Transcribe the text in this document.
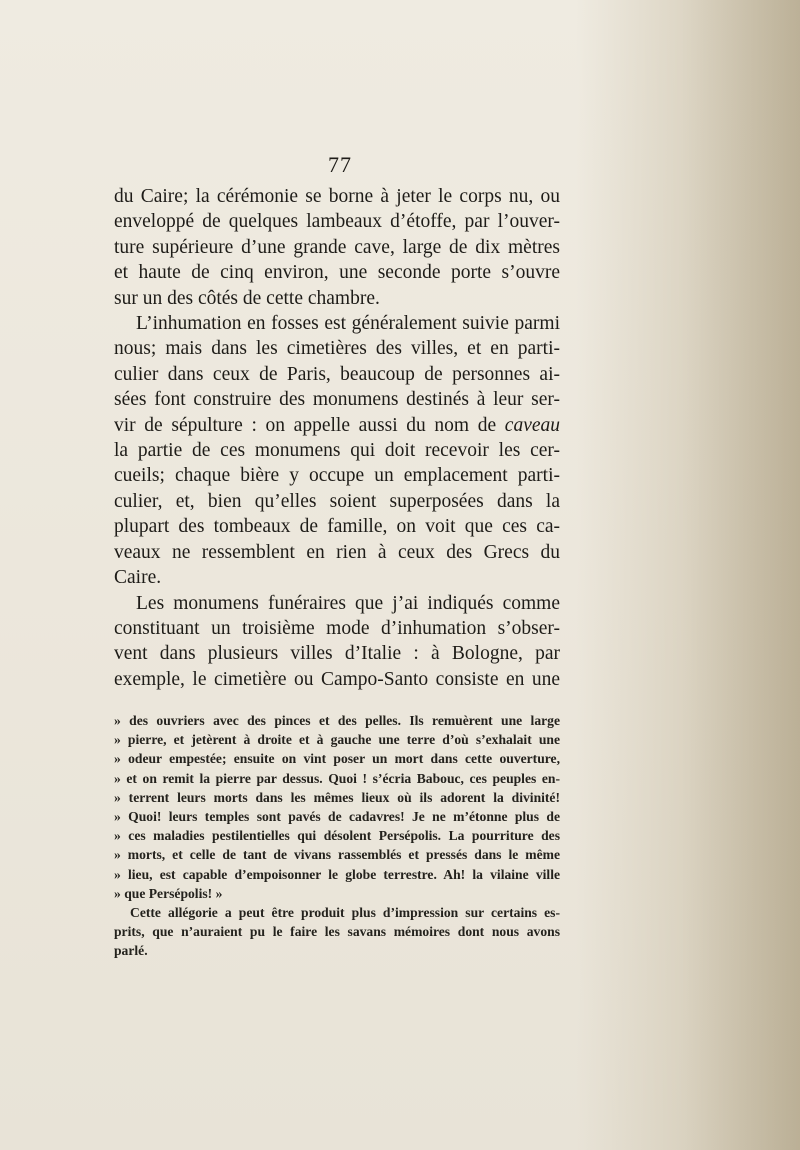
77
du Caire; la cérémonie se borne à jeter le corps nu, ou
enveloppé de quelques lambeaux d’étoffe, par l’ouver-
ture supérieure d’une grande cave, large de dix mètres
et haute de cinq environ, une seconde porte s’ouvre
sur un des côtés de cette chambre.
L’inhumation en fosses est généralement suivie parmi
nous; mais dans les cimetières des villes, et en parti-
culier dans ceux de Paris, beaucoup de personnes ai-
sées font construire des monumens destinés à leur ser-
vir de sépulture : on appelle aussi du nom de caveau
la partie de ces monumens qui doit recevoir les cer-
cueils; chaque bière y occupe un emplacement parti-
culier, et, bien qu’elles soient superposées dans la
plupart des tombeaux de famille, on voit que ces ca-
veaux ne ressemblent en rien à ceux des Grecs du
Caire.
Les monumens funéraires que j’ai indiqués comme
constituant un troisième mode d’inhumation s’obser-
vent dans plusieurs villes d’Italie : à Bologne, par
exemple, le cimetière ou Campo-Santo consiste en une
» des ouvriers avec des pinces et des pelles. Ils remuèrent une large
» pierre, et jetèrent à droite et à gauche une terre d’où s’exhalait une
» odeur empestée; ensuite on vint poser un mort dans cette ouverture,
» et on remit la pierre par dessus. Quoi ! s’écria Babouc, ces peuples en-
» terrent leurs morts dans les mêmes lieux où ils adorent la divinité!
» Quoi! leurs temples sont pavés de cadavres! Je ne m’étonne plus de
» ces maladies pestilentielles qui désolent Persépolis. La pourriture des
» morts, et celle de tant de vivans rassemblés et pressés dans le même
» lieu, est capable d’empoisonner le globe terrestre. Ah! la vilaine ville
» que Persépolis! »
Cette allégorie a peut être produit plus d’impression sur certains es-
prits, que n’auraient pu le faire les savans mémoires dont nous avons
parlé.
